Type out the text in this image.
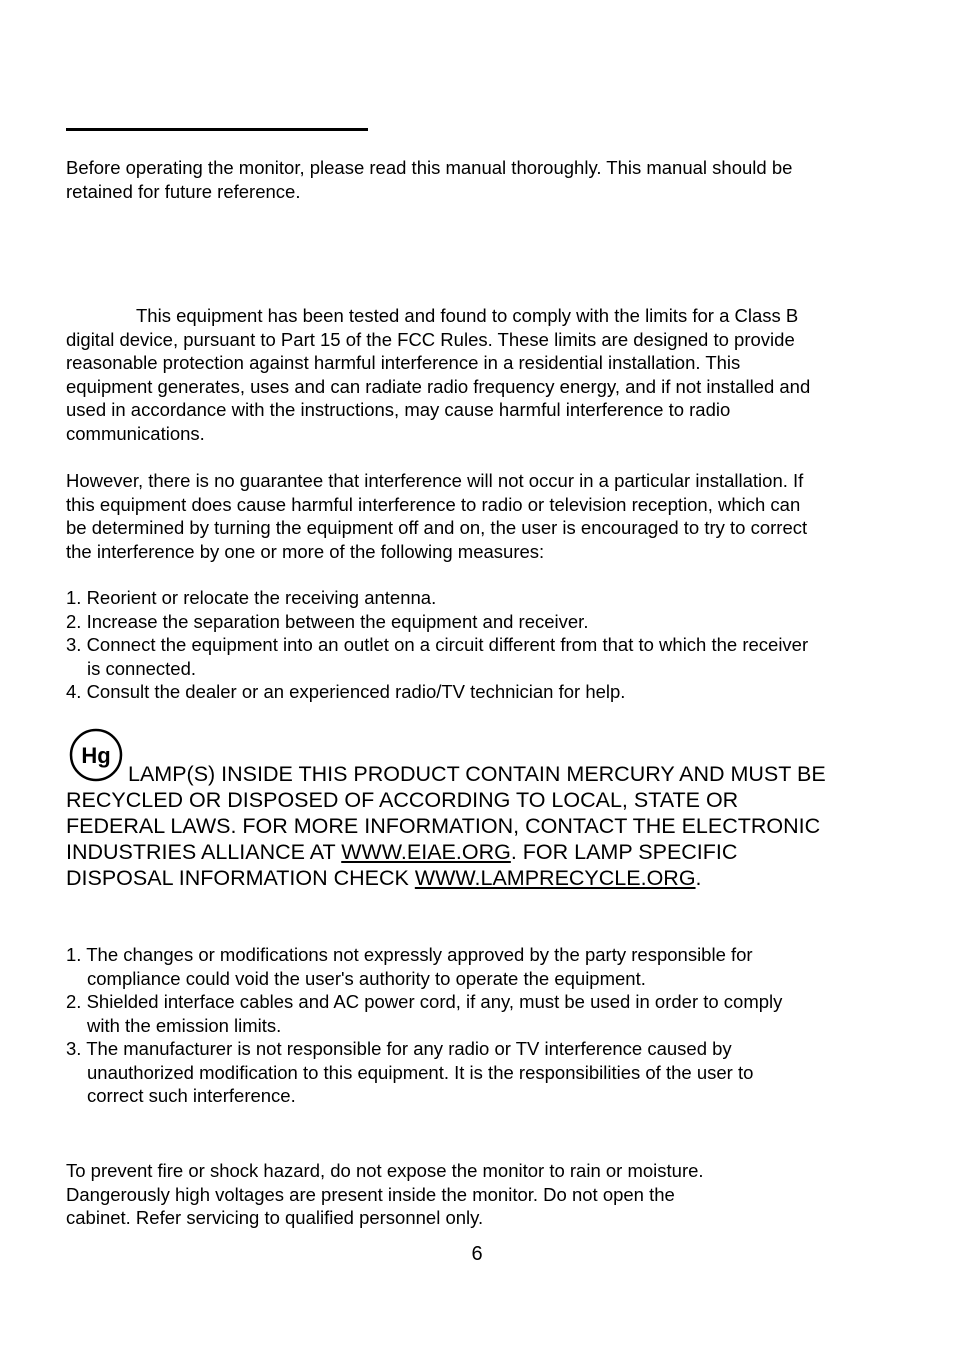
Before operating the monitor, please read this manual thoroughly. This manual should be
retained for future reference.
This equipment has been tested and found to comply with the limits for a Class B
digital device, pursuant to Part 15 of the FCC Rules. These limits are designed to provide
reasonable protection against harmful interference in a residential installation. This
equipment generates, uses and can radiate radio frequency energy, and if not installed and
used in accordance with the instructions, may cause harmful interference to radio
communications.
However, there is no guarantee that interference will not occur in a particular installation. If
this equipment does cause harmful interference to radio or television reception, which can
be determined by turning the equipment off and on, the user is encouraged to try to correct
the interference by one or more of the following measures:
1. Reorient or relocate the receiving antenna.
2. Increase the separation between the equipment and receiver.
3. Connect the equipment into an outlet on a circuit different from that to which the receiver
is connected.
4. Consult the dealer or an experienced radio/TV technician for help.
Hg
LAMP(S) INSIDE THIS PRODUCT CONTAIN MERCURY AND MUST BE
RECYCLED OR DISPOSED OF ACCORDING TO LOCAL, STATE OR
FEDERAL LAWS. FOR MORE INFORMATION, CONTACT THE ELECTRONIC
INDUSTRIES ALLIANCE AT WWW.EIAE.ORG. FOR LAMP SPECIFIC
DISPOSAL INFORMATION CHECK WWW.LAMPRECYCLE.ORG.
1. The changes or modifications not expressly approved by the party responsible for
compliance could void the user's authority to operate the equipment.
2. Shielded interface cables and AC power cord, if any, must be used in order to comply
with the emission limits.
3. The manufacturer is not responsible for any radio or TV interference caused by
unauthorized modification to this equipment. It is the responsibilities of the user to
correct such interference.
To prevent fire or shock hazard, do not expose the monitor to rain or moisture.
Dangerously high voltages are present inside the monitor. Do not open the
cabinet. Refer servicing to qualified personnel only.
6
